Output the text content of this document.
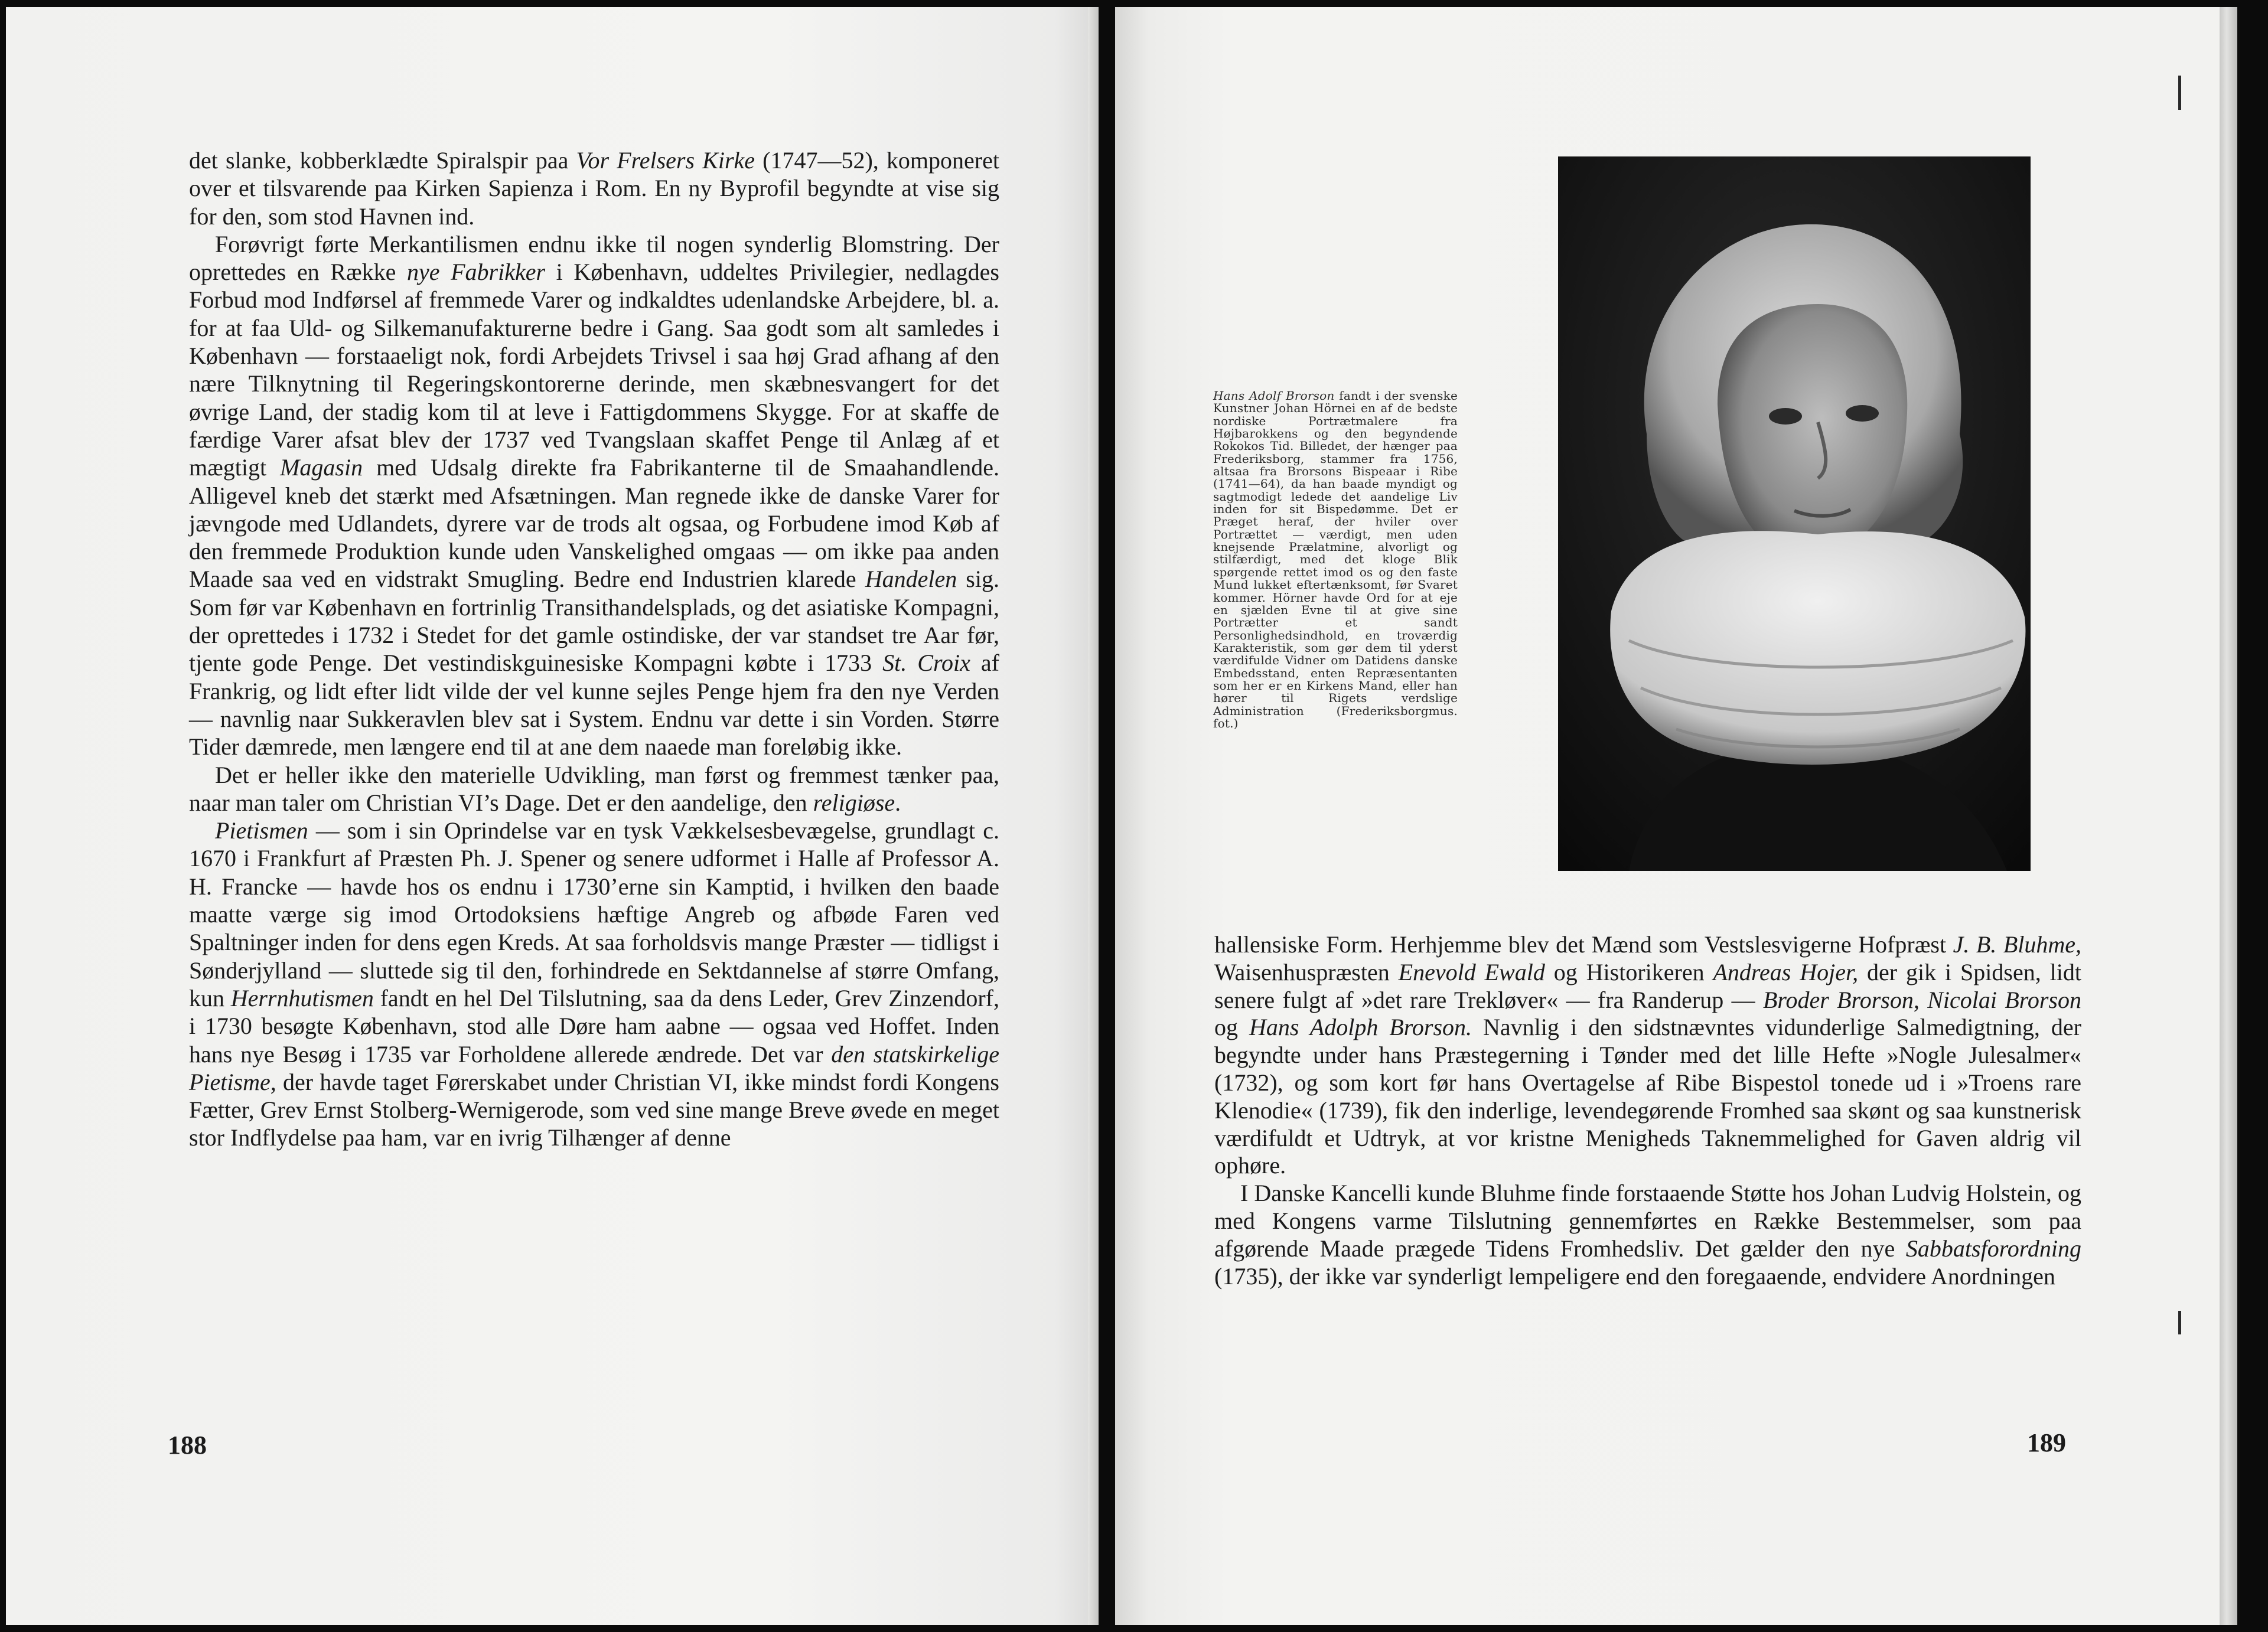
det slanke, kobberklædte Spiralspir paa Vor Frelsers Kirke (1747—52), komponeret over et tilsvarende paa Kirken Sapienza i Rom. En ny Byprofil begyndte at vise sig for den, som stod Havnen ind.

Forøvrigt førte Merkantilismen endnu ikke til nogen synderlig Blomstring. Der oprettedes en Række nye Fabrikker i København, uddeltes Privilegier, nedlagdes Forbud mod Indførsel af fremmede Varer og indkaldtes udenlandske Arbejdere, bl. a. for at faa Uld- og Silkemanufakturerne bedre i Gang. Saa godt som alt samledes i København — forstaaeligt nok, fordi Arbejdets Trivsel i saa høj Grad afhang af den nære Tilknytning til Regeringskontorerne derinde, men skæbnesvangert for det øvrige Land, der stadig kom til at leve i Fattigdommens Skygge. For at skaffe de færdige Varer afsat blev der 1737 ved Tvangslaan skaffet Penge til Anlæg af et mægtigt Magasin med Udsalg direkte fra Fabrikanterne til de Smaahandlende. Alligevel kneb det stærkt med Afsætningen. Man regnede ikke de danske Varer for jævngode med Udlandets, dyrere var de trods alt ogsaa, og Forbudene imod Køb af den fremmede Produktion kunde uden Vanskelighed omgaas — om ikke paa anden Maade saa ved en vidstrakt Smugling. Bedre end Industrien klarede Handelen sig. Som før var København en fortrinlig Transithandelsplads, og det asiatiske Kompagni, der oprettedes i 1732 i Stedet for det gamle ostindiske, der var standset tre Aar før, tjente gode Penge. Det vestindiskguinesiske Kompagni købte i 1733 St. Croix af Frankrig, og lidt efter lidt vilde der vel kunne sejles Penge hjem fra den nye Verden — navnlig naar Sukkeravlen blev sat i System. Endnu var dette i sin Vorden. Større Tider dæmrede, men længere end til at ane dem naaede man foreløbig ikke.

Det er heller ikke den materielle Udvikling, man først og fremmest tænker paa, naar man taler om Christian VI’s Dage. Det er den aandelige, den religiøse.

Pietismen — som i sin Oprindelse var en tysk Vækkelsesbevægelse, grundlagt c. 1670 i Frankfurt af Præsten Ph. J. Spener og senere udformet i Halle af Professor A. H. Francke — havde hos os endnu i 1730’erne sin Kamptid, i hvilken den baade maatte værge sig imod Ortodoksiens hæftige Angreb og afbøde Faren ved Spaltninger inden for dens egen Kreds. At saa forholdsvis mange Præster — tidligst i Sønderjylland — sluttede sig til den, forhindrede en Sektdannelse af større Omfang, kun Herrnhutismen fandt en hel Del Tilslutning, saa da dens Leder, Grev Zinzendorf, i 1730 besøgte København, stod alle Døre ham aabne — ogsaa ved Hoffet. Inden hans nye Besøg i 1735 var Forholdene allerede ændrede. Det var den statskirkelige Pietisme, der havde taget Førerskabet under Christian VI, ikke mindst fordi Kongens Fætter, Grev Ernst Stolberg-Wernigerode, som ved sine mange Breve øvede en meget stor Indflydelse paa ham, var en ivrig Tilhænger af denne

188

Hans Adolf Brorson fandt i der svenske Kunstner Johan Hörnei en af de bedste nordiske Portrætmalere fra Højbarokkens og den begyndende Rokokos Tid. Billedet, der hænger paa Frederiksborg, stammer fra 1756, altsaa fra Brorsons Bispeaar i Ribe (1741—64), da han baade myndigt og sagtmodigt ledede det aandelige Liv inden for sit Bispedømme. Det er Præget heraf, der hviler over Portrættet — værdigt, men uden knejsende Prælatmine, alvorligt og stilfærdigt, med det kloge Blik spørgende rettet imod os og den faste Mund lukket eftertænksomt, før Svaret kommer. Hörner havde Ord for at eje en sjælden Evne til at give sine Portrætter et sandt Personlighedsindhold, en troværdig Karakteristik, som gør dem til yderst værdifulde Vidner om Datidens danske Embedsstand, enten Repræsentanten som her er en Kirkens Mand, eller han hører til Rigets verdslige Administration (Frederiksborgmus. fot.)

hallensiske Form. Herhjemme blev det Mænd som Vestslesvigerne Hofpræst J. B. Bluhme, Waisenhuspræsten Enevold Ewald og Historikeren Andreas Hojer, der gik i Spidsen, lidt senere fulgt af »det rare Trekløver« — fra Randerup — Broder Brorson, Nicolai Brorson og Hans Adolph Brorson. Navnlig i den sidstnævntes vidunderlige Salmedigtning, der begyndte under hans Præstegerning i Tønder med det lille Hefte »Nogle Julesalmer« (1732), og som kort før hans Overtagelse af Ribe Bispestol tonede ud i »Troens rare Klenodie« (1739), fik den inderlige, levendegørende Fromhed saa skønt og saa kunstnerisk værdifuldt et Udtryk, at vor kristne Menigheds Taknemmelighed for Gaven aldrig vil ophøre.

I Danske Kancelli kunde Bluhme finde forstaaende Støtte hos Johan Ludvig Holstein, og med Kongens varme Tilslutning gennemførtes en Række Bestemmelser, som paa afgørende Maade prægede Tidens Fromhedsliv. Det gælder den nye Sabbatsforordning (1735), der ikke var synderligt lempeligere end den foregaaende, endvidere Anordningen

189
